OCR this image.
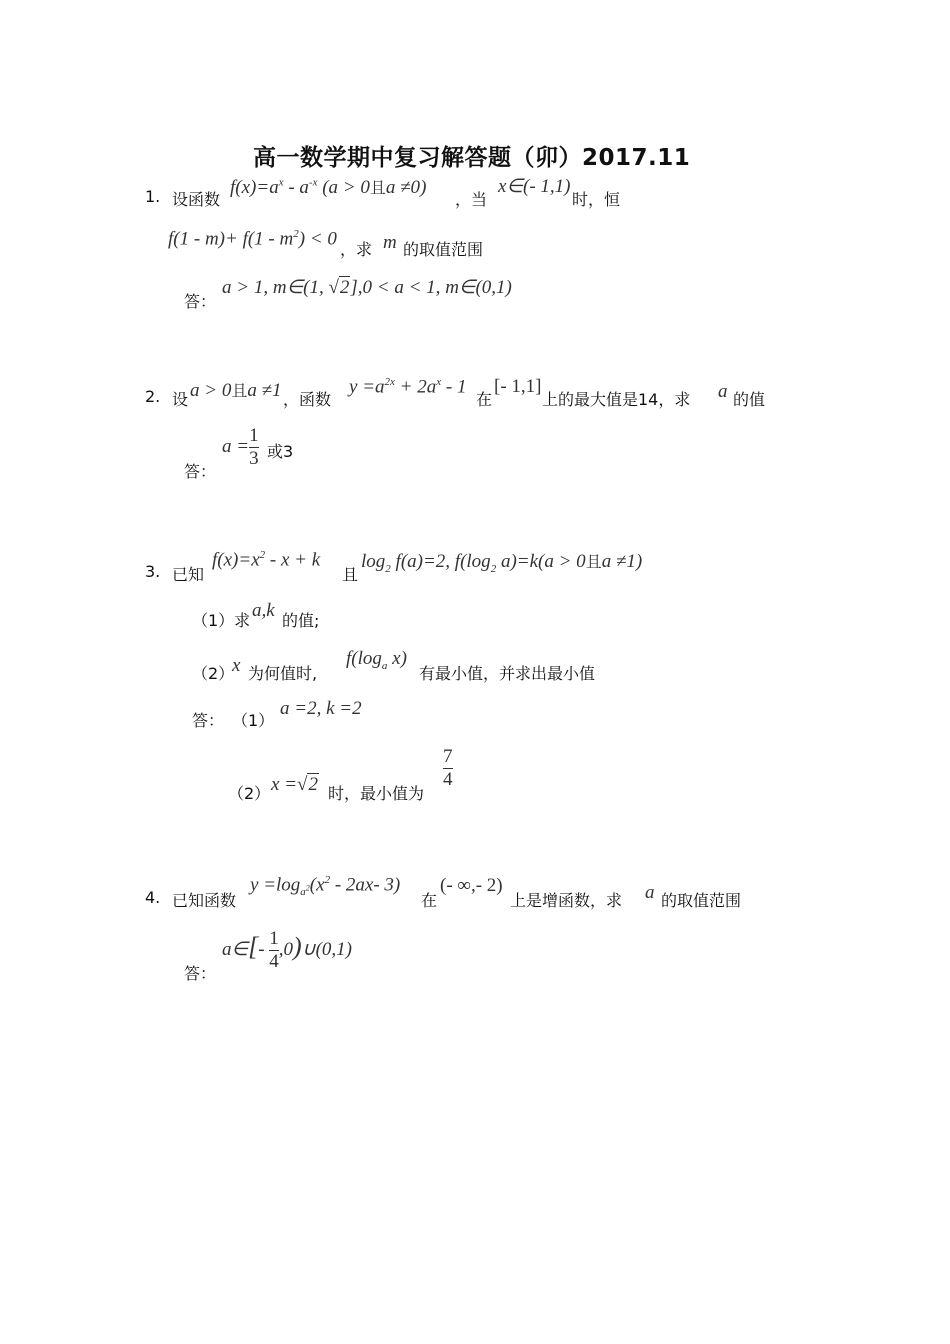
高一数学期中复习解答题（卯）2017.11
1. 设函数
$f(x)=a^x - a^{-x}$ (a > 0且a ≠0)
，当
x∈(- 1,1)
时，恒
$f(1 - m)+ f(1 - m^2) < 0$
，求 m 的取值范围
答：
a > 1, m∈(1, √2],0 < a < 1, m∈(0,1)
2. 设 a > 0且a ≠1 ，函数
$y =a^{2x} + 2a^x - 1$
在
[- 1,1]
上的最大值是14，求 a 的值
答：
$a = \frac{1}{3}$ 或3
3. 已知
$f(x)=x^2 - x + k$
且
$\log_2 f(a)=2$, $f(\log_2$ a)=k(a > 0且a ≠1)
（1）求 a,k 的值;
（2）
x 为何值时,
$f(\log_a$ x)
有最小值，并求出最小值
答： （1）
a =2, k =2
（2） x =√2 时，最小值为
$\frac{7}{4}$
4. 已知函数
$y =\log_{a^2}(x^2 - 2ax-$ 3)
在
(- ∞,- 2)
上是增函数，求 a 的取值范围
答：
a∈[- $\frac{1}{4}$ ,0)∪(0,1)
